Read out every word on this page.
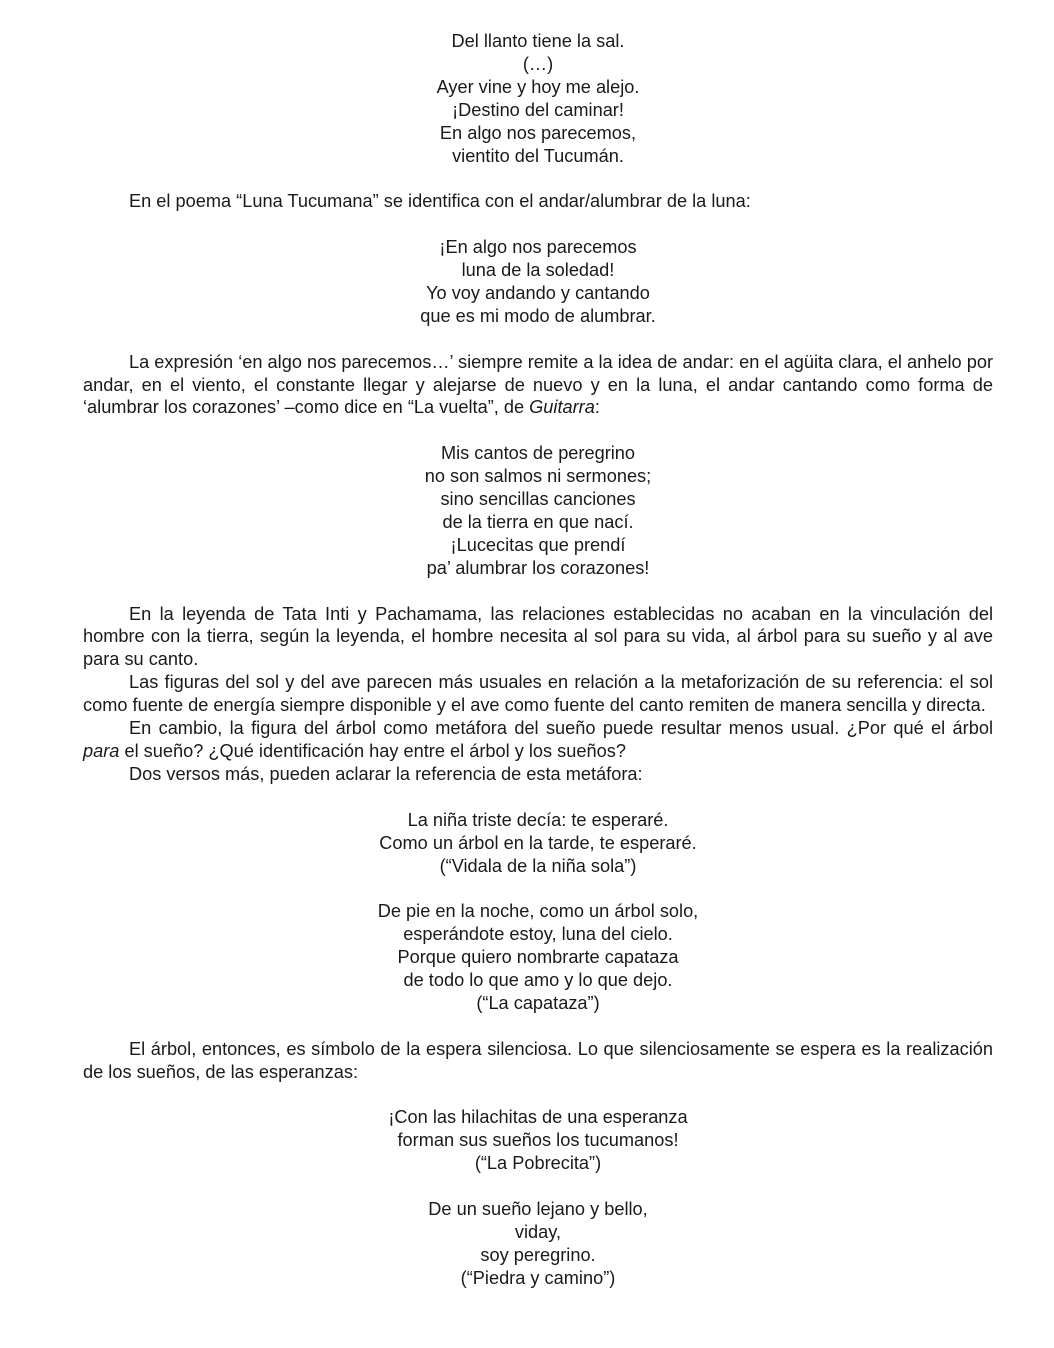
Del llanto tiene la sal.
(…)
Ayer vine y hoy me alejo.
¡Destino del caminar!
En algo nos parecemos,
vientito del Tucumán.

En el poema “Luna Tucumana” se identifica con el andar/alumbrar de la luna:

¡En algo nos parecemos
luna de la soledad!
Yo voy andando y cantando
que es mi modo de alumbrar.

La expresión ‘en algo nos parecemos…’ siempre remite a la idea de andar: en el agüita clara, el anhelo por andar, en el viento, el constante llegar y alejarse de nuevo y en la luna, el andar cantando como forma de ‘alumbrar los corazones’ –como dice en “La vuelta”, de Guitarra:

Mis cantos de peregrino
no son salmos ni sermones;
sino sencillas canciones
de la tierra en que nací.
¡Lucecitas que prendí
pa’ alumbrar los corazones!

En la leyenda de Tata Inti y Pachamama, las relaciones establecidas no acaban en la vinculación del hombre con la tierra, según la leyenda, el hombre necesita al sol para su vida, al árbol para su sueño y al ave para su canto.

Las figuras del sol y del ave parecen más usuales en relación a la metaforización de su referencia: el sol como fuente de energía siempre disponible y el ave como fuente del canto remiten de manera sencilla y directa.

En cambio, la figura del árbol como metáfora del sueño puede resultar menos usual. ¿Por qué el árbol para el sueño? ¿Qué identificación hay entre el árbol y los sueños?

Dos versos más, pueden aclarar la referencia de esta metáfora:

La niña triste decía: te esperaré.
Como un árbol en la tarde, te esperaré.
(“Vidala de la niña sola”)
De pie en la noche, como un árbol solo,
esperándote estoy, luna del cielo.
Porque quiero nombrarte capataza
de todo lo que amo y lo que dejo.
(“La capataza”)

El árbol, entonces, es símbolo de la espera silenciosa. Lo que silenciosamente se espera es la realización de los sueños, de las esperanzas:

¡Con las hilachitas de una esperanza
forman sus sueños los tucumanos!
(“La Pobrecita”)
De un sueño lejano y bello,
viday,
soy peregrino.
(“Piedra y camino”)
